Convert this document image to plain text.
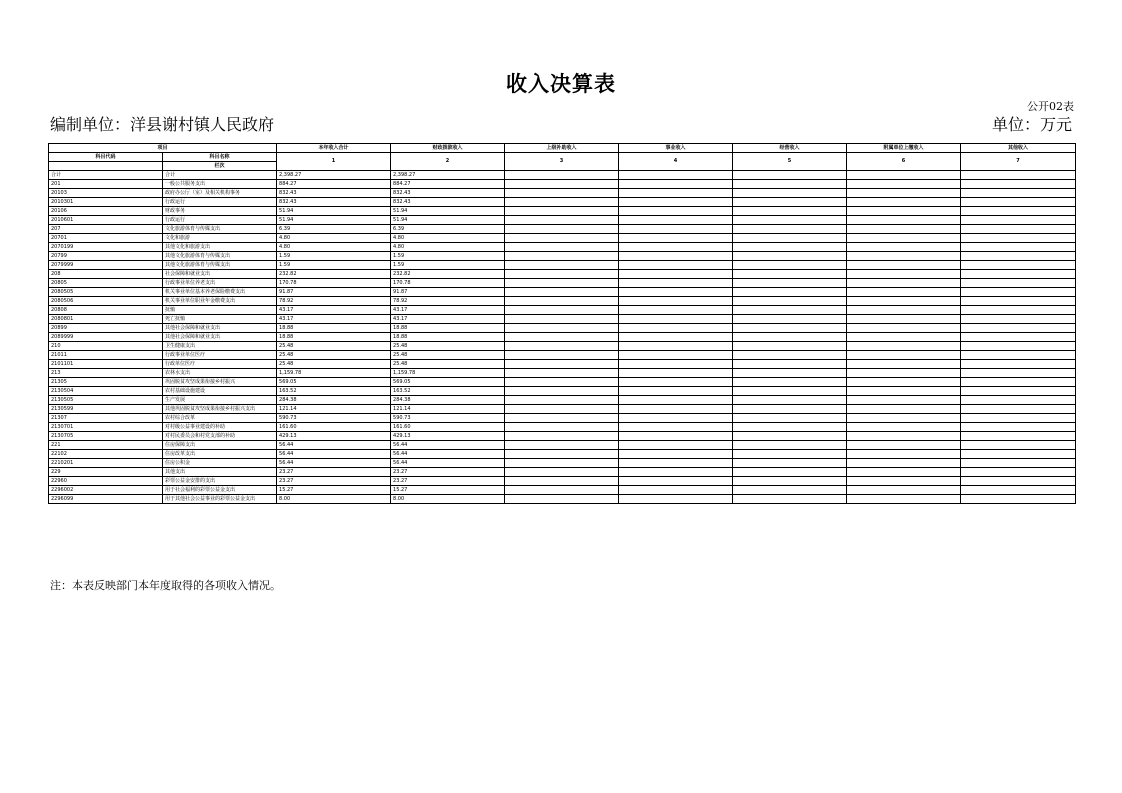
收入决算表
公开02表
编制单位：洋县谢村镇人民政府	单位：万元
项目		本年收入合计	财政拨款收入	上级补助收入	事业收入	经营收入	附属单位上缴收入	其他收入
科目代码	科目名称	1	2	3	4	5	6	7
	栏次							
合计	合计	2,398.27	2,398.27					
201	一般公共服务支出	884.27	884.27					
20103	政府办公厅（室）及相关机构事务	832.43	832.43					
2010301	行政运行	832.43	832.43					
20106	财政事务	51.94	51.94					
2010601	行政运行	51.94	51.94					
207	文化旅游体育与传媒支出	6.39	6.39					
20701	文化和旅游	4.80	4.80					
2070199	其他文化和旅游支出	4.80	4.80					
20799	其他文化旅游体育与传媒支出	1.59	1.59					
2079999	其他文化旅游体育与传媒支出	1.59	1.59					
208	社会保障和就业支出	232.82	232.82					
20805	行政事业单位养老支出	170.78	170.78					
2080505	机关事业单位基本养老保险缴费支出	91.87	91.87					
2080506	机关事业单位职业年金缴费支出	78.92	78.92					
20808	抚恤	43.17	43.17					
2080801	死亡抚恤	43.17	43.17					
20899	其他社会保障和就业支出	18.88	18.88					
2089999	其他社会保障和就业支出	18.88	18.88					
210	卫生健康支出	25.48	25.48					
21011	行政事业单位医疗	25.48	25.48					
2101101	行政单位医疗	25.48	25.48					
213	农林水支出	1,159.78	1,159.78					
21305	巩固脱贫攻坚成果衔接乡村振兴	569.05	569.05					
2130504	农村基础设施建设	163.52	163.52					
2130505	生产发展	284.38	284.38					
2130599	其他巩固脱贫攻坚成果衔接乡村振兴支出	121.14	121.14					
21307	农村综合改革	590.73	590.73					
2130701	对村级公益事业建设的补助	161.60	161.60					
2130705	对村民委员会和村党支部的补助	429.13	429.13					
221	住房保障支出	56.44	56.44					
22102	住房改革支出	56.44	56.44					
2210201	住房公积金	56.44	56.44					
229	其他支出	23.27	23.27					
22960	彩票公益金安排的支出	23.27	23.27					
2296002	用于社会福利的彩票公益金支出	15.27	15.27					
2296099	用于其他社会公益事业的彩票公益金支出	8.00	8.00					
注：本表反映部门本年度取得的各项收入情况。
